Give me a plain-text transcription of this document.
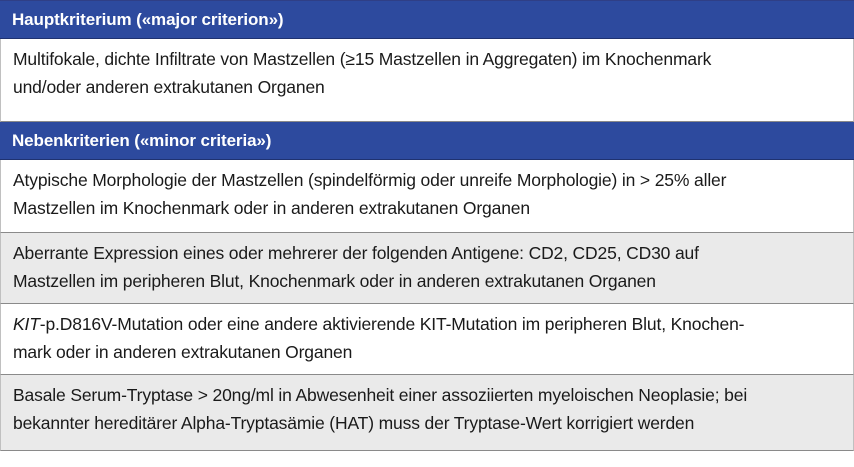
Hauptkriterium («major criterion»)
Multifokale, dichte Infiltrate von Mastzellen (≥15 Mastzellen in Aggregaten) im Knochenmark
und/oder anderen extrakutanen Organen
Nebenkriterien («minor criteria»)
Atypische Morphologie der Mastzellen (spindelförmig oder unreife Morphologie) in > 25% aller
Mastzellen im Knochenmark oder in anderen extrakutanen Organen
Aberrante Expression eines oder mehrerer der folgenden Antigene: CD2, CD25, CD30 auf
Mastzellen im peripheren Blut, Knochenmark oder in anderen extrakutanen Organen
KIT-p.D816V-Mutation oder eine andere aktivierende KIT-Mutation im peripheren Blut, Knochen-
mark oder in anderen extrakutanen Organen
Basale Serum-Tryptase > 20ng/ml in Abwesenheit einer assoziierten myeloischen Neoplasie; bei
bekannter hereditärer Alpha-Tryptasämie (HAT) muss der Tryptase-Wert korrigiert werden
